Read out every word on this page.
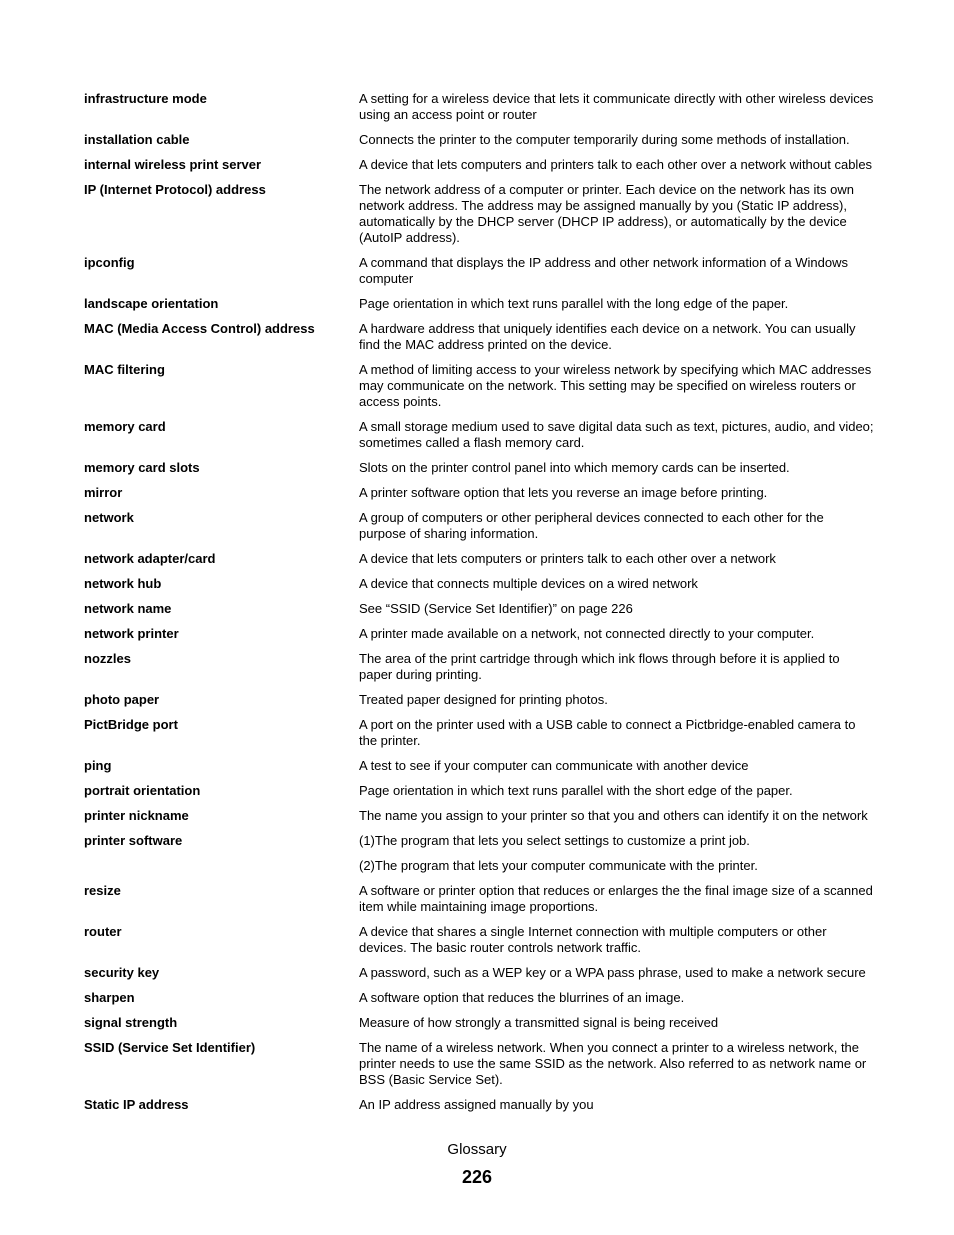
infrastructure mode	A setting for a wireless device that lets it communicate directly with other wireless devices using an access point or router
installation cable	Connects the printer to the computer temporarily during some methods of installation.
internal wireless print server	A device that lets computers and printers talk to each other over a network without cables
IP (Internet Protocol) address	The network address of a computer or printer. Each device on the network has its own network address. The address may be assigned manually by you (Static IP address), automatically by the DHCP server (DHCP IP address), or automatically by the device (AutoIP address).
ipconfig	A command that displays the IP address and other network information of a Windows computer
landscape orientation	Page orientation in which text runs parallel with the long edge of the paper.
MAC (Media Access Control) address	A hardware address that uniquely identifies each device on a network. You can usually find the MAC address printed on the device.
MAC filtering	A method of limiting access to your wireless network by specifying which MAC addresses may communicate on the network. This setting may be specified on wireless routers or access points.
memory card	A small storage medium used to save digital data such as text, pictures, audio, and video; sometimes called a flash memory card.
memory card slots	Slots on the printer control panel into which memory cards can be inserted.
mirror	A printer software option that lets you reverse an image before printing.
network	A group of computers or other peripheral devices connected to each other for the purpose of sharing information.
network adapter/card	A device that lets computers or printers talk to each other over a network
network hub	A device that connects multiple devices on a wired network
network name	See “SSID (Service Set Identifier)” on page 226
network printer	A printer made available on a network, not connected directly to your computer.
nozzles	The area of the print cartridge through which ink flows through before it is applied to paper during printing.
photo paper	Treated paper designed for printing photos.
PictBridge port	A port on the printer used with a USB cable to connect a Pictbridge-enabled camera to the printer.
ping	A test to see if your computer can communicate with another device
portrait orientation	Page orientation in which text runs parallel with the short edge of the paper.
printer nickname	The name you assign to your printer so that you and others can identify it on the network
printer software	(1)The program that lets you select settings to customize a print job.
(2)The program that lets your computer communicate with the printer.
resize	A software or printer option that reduces or enlarges the the final image size of a scanned item while maintaining image proportions.
router	A device that shares a single Internet connection with multiple computers or other devices. The basic router controls network traffic.
security key	A password, such as a WEP key or a WPA pass phrase, used to make a network secure
sharpen	A software option that reduces the blurrines of an image.
signal strength	Measure of how strongly a transmitted signal is being received
SSID (Service Set Identifier)	The name of a wireless network. When you connect a printer to a wireless network, the printer needs to use the same SSID as the network. Also referred to as network name or BSS (Basic Service Set).
Static IP address	An IP address assigned manually by you
Glossary
226
